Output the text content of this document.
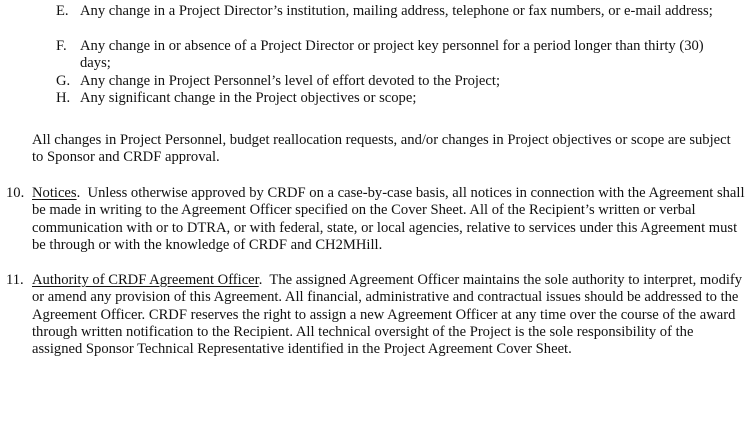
E. Any change in a Project Director’s institution, mailing address, telephone or fax numbers, or e-mail address;
F. Any change in or absence of a Project Director or project key personnel for a period longer than thirty (30) days;
G. Any change in Project Personnel’s level of effort devoted to the Project;
H. Any significant change in the Project objectives or scope;
All changes in Project Personnel, budget reallocation requests, and/or changes in Project objectives or scope are subject to Sponsor and CRDF approval.
10. Notices.  Unless otherwise approved by CRDF on a case-by-case basis, all notices in connection with the Agreement shall be made in writing to the Agreement Officer specified on the Cover Sheet. All of the Recipient’s written or verbal communication with or to DTRA, or with federal, state, or local agencies, relative to services under this Agreement must be through or with the knowledge of CRDF and CH2MHill.
11. Authority of CRDF Agreement Officer.  The assigned Agreement Officer maintains the sole authority to interpret, modify or amend any provision of this Agreement. All financial, administrative and contractual issues should be addressed to the Agreement Officer. CRDF reserves the right to assign a new Agreement Officer at any time over the course of the award through written notification to the Recipient. All technical oversight of the Project is the sole responsibility of the assigned Sponsor Technical Representative identified in the Project Agreement Cover Sheet.
